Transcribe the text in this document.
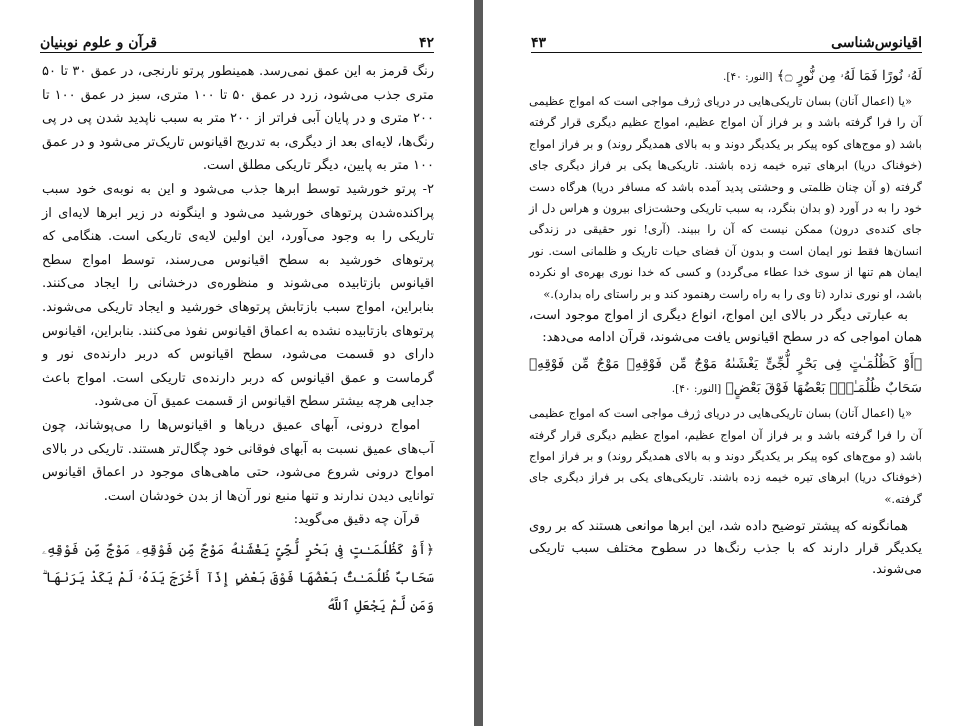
قرآن و علوم نوبنیان	۴۲

رنگ قرمز به این عمق نمی‌رسد. همینطور پرتو نارنجی، در عمق ۳۰ تا ۵۰ متری جذب می‌شود، زرد در عمق ۵۰ تا ۱۰۰ متری، سبز در عمق ۱۰۰ تا ۲۰۰ متری و در پایان آبی فراتر از ۲۰۰ متر به سبب ناپدید شدن پی در پی رنگ‌ها، لایه‌ای بعد از دیگری، به تدریج اقیانوس تاریک‌تر می‌شود و در عمق ۱۰۰ متر به پایین، دیگر تاریکی مطلق است.

۲- پرتو خورشید توسط ابرها جذب می‌شود و این به نوبه‌ی خود سبب پراکنده‌شدن پرتوهای خورشید می‌شود و اینگونه در زیر ابرها لایه‌ای از تاریکی را به وجود می‌آورد، این اولین لایه‌ی تاریکی است. هنگامی که پرتوهای خورشید به سطح اقیانوس می‌رسند، توسط امواج سطح اقیانوس بازتابیده می‌شوند و منظوره‌ی درخشانی را ایجاد می‌کنند. بنابراین، امواج سبب بازتابش پرتوهای خورشید و ایجاد تاریکی می‌شوند. پرتوهای بازتابیده نشده به اعماق اقیانوس نفوذ می‌کنند. بنابراین، اقیانوس دارای دو قسمت می‌شود، سطح اقیانوس که دربر دارنده‌ی نور و گرماست و عمق اقیانوس که دربر دارنده‌ی تاریکی است. امواج باعث جدایی هرچه بیشتر سطح اقیانوس از قسمت عمیق آن می‌شود.

امواج درونی، آبهای عمیق دریاها و اقیانوس‌ها را می‌پوشاند، چون آب‌های عمیق نسبت به آبهای فوقانی خود چگال‌تر هستند. تاریکی در بالای امواج درونی شروع می‌شود، حتی ماهی‌های موجود در اعماق اقیانوس توانایی دیدن ندارند و تنها منبع نور آن‌ها از بدن خودشان است.

قرآن چه دقیق می‌گوید:

﴿أَوْ كَظُلُمَـٰتٍ فِى بَحْرٍ لُّجِّىٍّ يَغْشَىٰهُ مَوْجٌ مِّن فَوْقِهِۦ مَوْجٌ مِّن فَوْقِهِۦ سَحَابٌ ظُلُمَـٰتٌۢ بَعْضُهَا فَوْقَ بَعْضٍ إِذَآ أَخْرَجَ يَدَهُۥ لَمْ يَكَدْ يَرَىٰهَا ۗ وَمَن لَّمْ يَجْعَلِ ٱللَّهُ

۴۳	اقیانوس‌شناسی

لَهُۥ نُورًا فَمَا لَهُۥ مِن نُّورٍ ۝﴾ [النور: ۴۰].

«یا (اعمال آنان) بسان تاریکی‌هایی در دریای ژرف مواجی است که امواج عظیمی آن را فرا گرفته باشد و بر فراز آن امواج عظیم، امواج عظیم دیگری قرار گرفته باشد (و موج‌های کوه پیکر بر یکدیگر دوند و به بالای همدیگر روند) و بر فراز امواج (خوفناک دریا) ابرهای تیره خیمه زده باشند. تاریکی‌ها یکی بر فراز دیگری جای گرفته (و آن چنان ظلمتی و وحشتی پدید آمده باشد که مسافر دریا) هرگاه دست خود را به در آورد (و بدان بنگرد، به سبب تاریکی وحشت‌زای بیرون و هراس دل از جای کنده‌ی درون) ممکن نیست که آن را ببیند. (آری! نور حقیقی در زندگی انسان‌ها فقط نور ایمان است و بدون آن فضای حیات تاریک و ظلمانی است. نور ایمان هم تنها از سوی خدا عطاء می‌گردد) و کسی که خدا نوری بهره‌ی او نکرده باشد، او نوری ندارد (تا وی را به راه راست رهنمود کند و بر راستای راه بدارد).»

به عبارتی دیگر در بالای این امواج، انواع دیگری از امواج موجود است، همان امواجی که در سطح اقیانوس یافت می‌شوند، قرآن ادامه می‌دهد:

﴿أَوْ كَظُلُمَـٰتٍ فِى بَحْرٍ لُّجِّىٍّ يَغْشَىٰهُ مَوْجٌ مِّن فَوْقِهِۦ مَوْجٌ مِّن فَوْقِهِۦ سَحَابٌ ظُلُمَـٰتٌۢ بَعْضُهَا فَوْقَ بَعْضٍ﴾ [النور: ۴۰].

«یا (اعمال آنان) بسان تاریکی‌هایی در دریای ژرف مواجی است که امواج عظیمی آن را فرا گرفته باشد و بر فراز آن امواج عظیم، امواج عظیم دیگری قرار گرفته باشد (و موج‌های کوه پیکر بر یکدیگر دوند و به بالای همدیگر روند) و بر فراز امواج (خوفناک دریا) ابرهای تیره خیمه زده باشند. تاریکی‌های یکی بر فراز دیگری جای گرفته.»

همانگونه که پیشتر توضیح داده شد، این ابرها موانعی هستند که بر روی یکدیگر قرار دارند که با جذب رنگ‌ها در سطوح مختلف سبب تاریکی می‌شوند.
